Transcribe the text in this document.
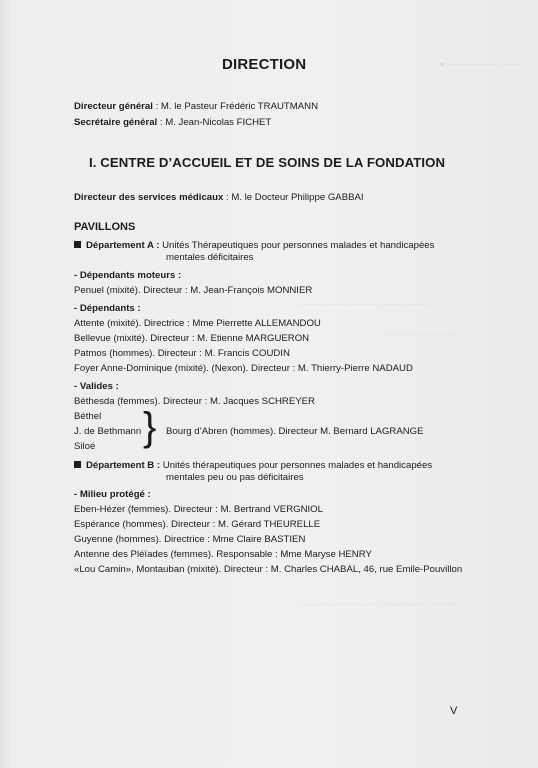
■ ——— ——— ———
——— ——— ——— ——— ———
——— ——— ———
——— ——— ——— ——— ——— ———
DIRECTION
Directeur général : M. le Pasteur Frédéric TRAUTMANN
Secrétaire général : M. Jean-Nicolas FICHET
I. CENTRE D’ACCUEIL ET DE SOINS DE LA FONDATION
Directeur des services médicaux : M. le Docteur Philippe GABBAI
PAVILLONS
Département A : Unités Thérapeutiques pour personnes malades et handicapées
mentales déficitaires
- Dépendants moteurs :
Penuel (mixité). Directeur : M. Jean-François MONNIER
- Dépendants :
Attente (mixité). Directrice : Mme Pierrette ALLEMANDOU
Bellevue (mixité). Directeur : M. Etienne MARGUERON
Patmos (hommes). Directeur : M. Francis COUDIN
Foyer Anne-Dominique (mixité). (Nexon). Directeur : M. Thierry-Pierre NADAUD
- Valides :
Béthesda (femmes). Directeur : M. Jacques SCHREYER
Béthel
J. de Bethmann
Siloé } Bourg d’Abren (hommes). Directeur M. Bernard LAGRANGE
Département B : Unités thérapeutiques pour personnes malades et handicapées
mentales peu ou pas déficitaires
- Milieu protégé :
Eben-Hézer (femmes). Directeur : M. Bertrand VERGNIOL
Espérance (hommes). Directeur : M. Gérard THEURELLE
Guyenne (hommes). Directrice : Mme Claire BASTIEN
Antenne des Pléïades (femmes). Responsable : Mme Maryse HENRY
«Lou Camin», Montauban (mixité). Directeur : M. Charles CHABAL, 46, rue Emile-Pouvillon
V
